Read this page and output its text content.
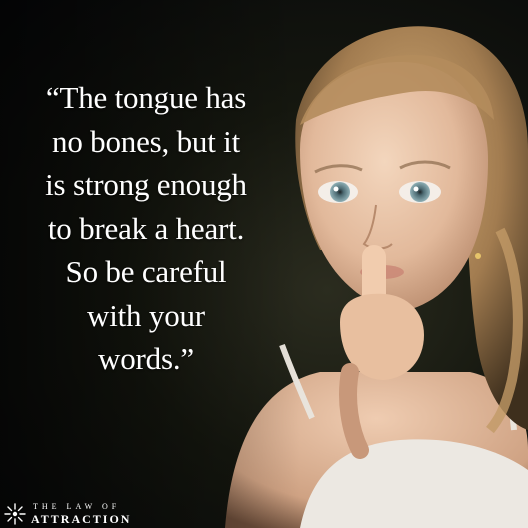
“The tongue has
no bones, but it
is strong enough
to break a heart.
So be careful
with your
words.”

THE LAW OF
ATTRACTION
